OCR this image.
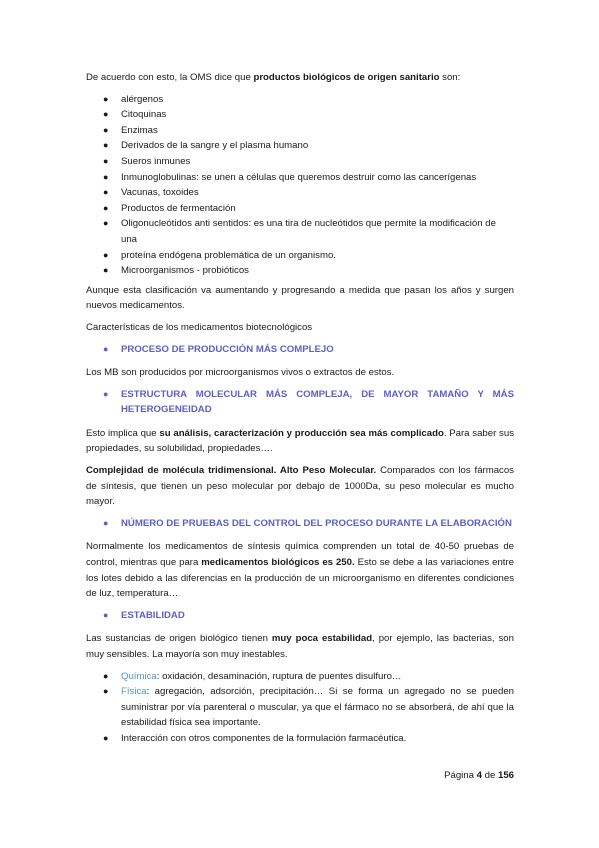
De acuerdo con esto, la OMS dice que productos biológicos de origen sanitario son:

● alérgenos
● Citoquinas
● Enzimas
● Derivados de la sangre y el plasma humano
● Sueros inmunes
● Inmunoglobulinas: se unen a células que queremos destruir como las cancerígenas
● Vacunas, toxoides
● Productos de fermentación
● Oligonucleótidos anti sentidos: es una tira de nucleótidos que permite la modificación de una
● proteína endógena problemática de un organismo.
● Microorganismos - probióticos

Aunque esta clasificación va aumentando y progresando a medida que pasan los años y surgen nuevos medicamentos.

Características de los medicamentos biotecnológicos

● PROCESO DE PRODUCCIÓN MÁS COMPLEJO

Los MB son producidos por microorganismos vivos o extractos de estos.

● ESTRUCTURA MOLECULAR MÁS COMPLEJA, DE MAYOR TAMAÑO Y MÁS HETEROGENEIDAD

Esto implica que su análisis, caracterización y producción sea más complicado. Para saber sus propiedades, su solubilidad, propiedades….

Complejidad de molécula tridimensional. Alto Peso Molecular. Comparados con los fármacos de síntesis, que tienen un peso molecular por debajo de 1000Da, su peso molecular es mucho mayor.

● NÚMERO DE PRUEBAS DEL CONTROL DEL PROCESO DURANTE LA ELABORACIÓN

Normalmente los medicamentos de síntesis química comprenden un total de 40-50 pruebas de control, mientras que para medicamentos biológicos es 250. Esto se debe a las variaciones entre los lotes debido a las diferencias en la producción de un microorganismo en diferentes condiciones de luz, temperatura…

● ESTABILIDAD

Las sustancias de origen biológico tienen muy poca estabilidad, por ejemplo, las bacterias, son muy sensibles. La mayoría son muy inestables.

● Química: oxidación, desaminación, ruptura de puentes disulfuro…
● Física: agregación, adsorción, precipitación… Si se forma un agregado no se pueden suministrar por vía parenteral o muscular, ya que el fármaco no se absorberá, de ahí que la estabilidad física sea importante.
● Interacción con otros componentes de la formulación farmacéutica.
Página 4 de 156
